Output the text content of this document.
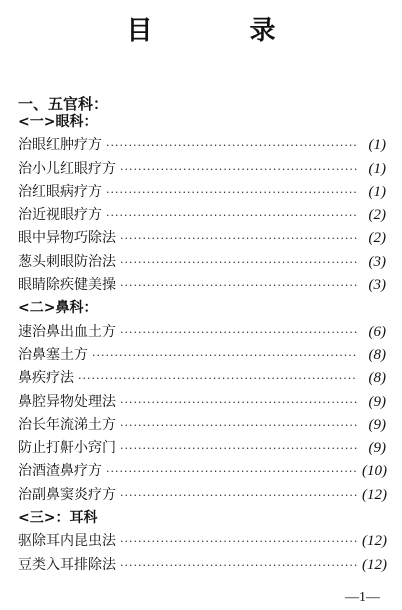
目 录
一、五官科：
<一>眼科：
治眼红肿疗方 ·····	(1)
治小儿红眼疗方 ·····	(1)
治红眼病疗方 ·····	(1)
治近视眼疗方 ·····	(2)
眼中异物巧除法 ·····	(2)
葱头刺眼防治法 ·····	(3)
眼睛除疾健美操 ·····	(3)
<二>鼻科：
速治鼻出血土方 ·····	(6)
治鼻塞土方 ·····	(8)
鼻疾疗法 ·····	(8)
鼻腔异物处理法 ·····	(9)
治长年流涕土方 ·····	(9)
防止打鼾小窍门 ·····	(9)
治酒渣鼻疗方 ·····	(10)
治副鼻窦炎疗方 ·····	(12)
<三>：耳科
驱除耳内昆虫法 ·····	(12)
豆类入耳排除法 ·····	(12)
—1—
